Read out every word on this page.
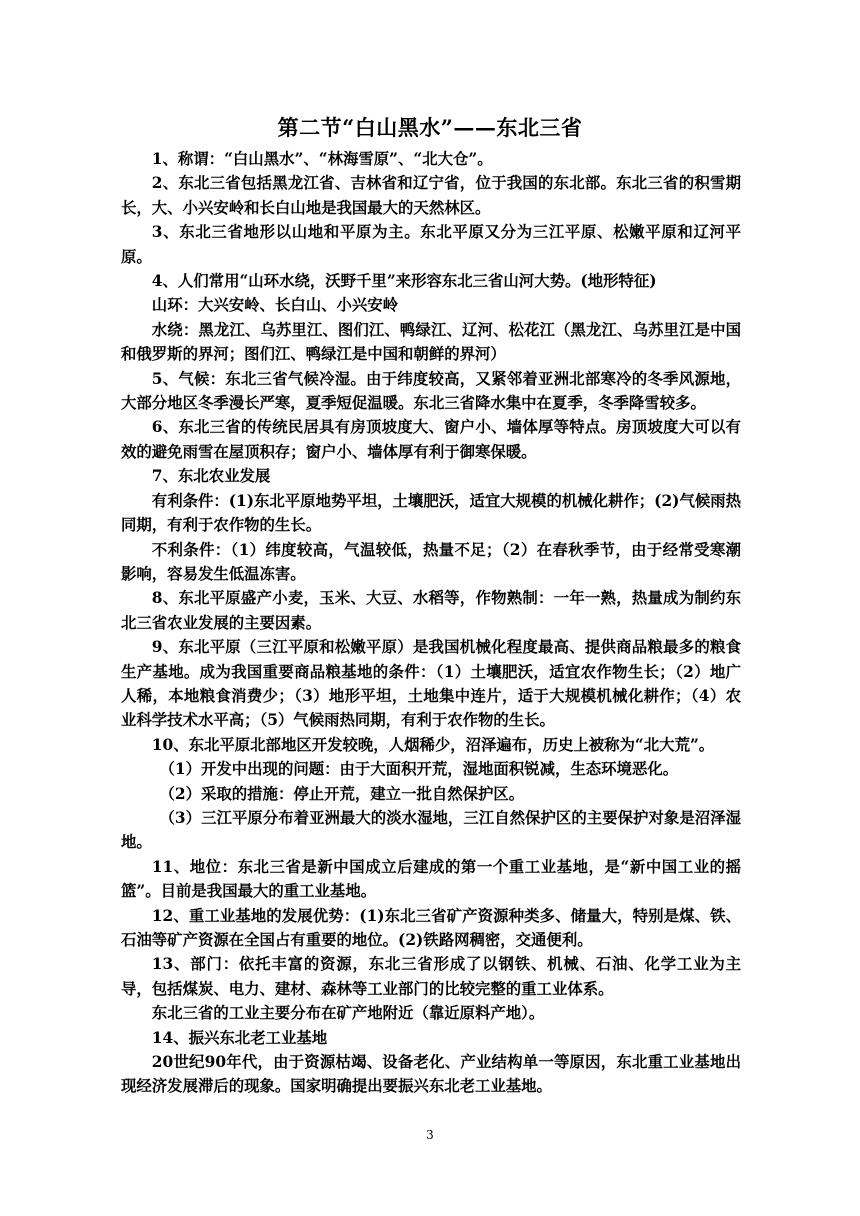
第二节“白山黑水”——东北三省

1、称谓：“白山黑水”、“林海雪原”、“北大仓”。

2、东北三省包括黑龙江省、吉林省和辽宁省，位于我国的东北部。东北三省的积雪期长，大、小兴安岭和长白山地是我国最大的天然林区。

3、东北三省地形以山地和平原为主。东北平原又分为三江平原、松嫩平原和辽河平原。

4、人们常用“山环水绕，沃野千里”来形容东北三省山河大势。(地形特征)

山环：大兴安岭、长白山、小兴安岭

水绕：黑龙江、乌苏里江、图们江、鸭绿江、辽河、松花江（黑龙江、乌苏里江是中国和俄罗斯的界河；图们江、鸭绿江是中国和朝鲜的界河）

5、气候：东北三省气候冷湿。由于纬度较高，又紧邻着亚洲北部寒冷的冬季风源地，大部分地区冬季漫长严寒，夏季短促温暖。东北三省降水集中在夏季，冬季降雪较多。

6、东北三省的传统民居具有房顶坡度大、窗户小、墙体厚等特点。房顶坡度大可以有效的避免雨雪在屋顶积存；窗户小、墙体厚有利于御寒保暖。

7、东北农业发展

有利条件：(1)东北平原地势平坦，土壤肥沃，适宜大规模的机械化耕作；(2)气候雨热同期，有利于农作物的生长。

不利条件：（1）纬度较高，气温较低，热量不足；（2）在春秋季节，由于经常受寒潮影响，容易发生低温冻害。

8、东北平原盛产小麦，玉米、大豆、水稻等，作物熟制：一年一熟，热量成为制约东北三省农业发展的主要因素。

9、东北平原（三江平原和松嫩平原）是我国机械化程度最高、提供商品粮最多的粮食生产基地。成为我国重要商品粮基地的条件：（1）土壤肥沃，适宜农作物生长；（2）地广人稀，本地粮食消费少；（3）地形平坦，土地集中连片，适于大规模机械化耕作；（4）农业科学技术水平高；（5）气候雨热同期，有利于农作物的生长。

10、东北平原北部地区开发较晚，人烟稀少，沼泽遍布，历史上被称为“北大荒”。

（1）开发中出现的问题：由于大面积开荒，湿地面积锐减，生态环境恶化。

（2）采取的措施：停止开荒，建立一批自然保护区。

（3）三江平原分布着亚洲最大的淡水湿地，三江自然保护区的主要保护对象是沼泽湿地。

11、地位：东北三省是新中国成立后建成的第一个重工业基地，是“新中国工业的摇篮”。目前是我国最大的重工业基地。

12、重工业基地的发展优势：(1)东北三省矿产资源种类多、储量大，特别是煤、铁、石油等矿产资源在全国占有重要的地位。(2)铁路网稠密，交通便利。

13、部门：依托丰富的资源，东北三省形成了以钢铁、机械、石油、化学工业为主导，包括煤炭、电力、建材、森林等工业部门的比较完整的重工业体系。

东北三省的工业主要分布在矿产地附近（靠近原料产地）。

14、振兴东北老工业基地

20世纪90年代，由于资源枯竭、设备老化、产业结构单一等原因，东北重工业基地出现经济发展滞后的现象。国家明确提出要振兴东北老工业基地。

3
